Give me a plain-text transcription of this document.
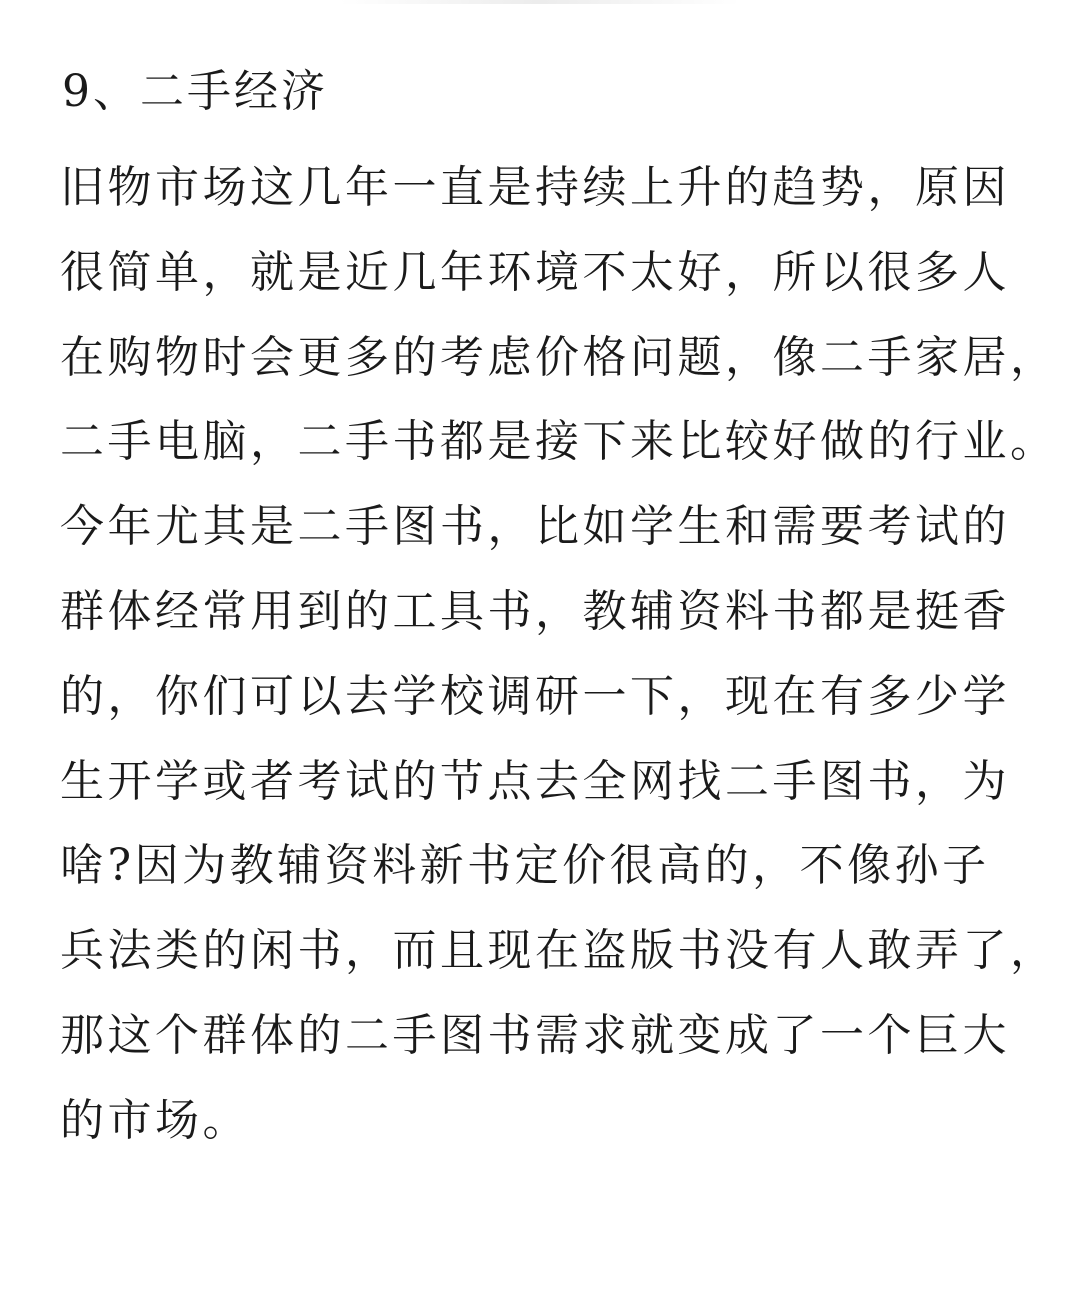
9、二手经济
旧物市场这几年一直是持续上升的趋势，原因
很简单，就是近几年环境不太好，所以很多人
在购物时会更多的考虑价格问题，像二手家居，
二手电脑，二手书都是接下来比较好做的行业。
今年尤其是二手图书，比如学生和需要考试的
群体经常用到的工具书，教辅资料书都是挺香
的，你们可以去学校调研一下，现在有多少学
生开学或者考试的节点去全网找二手图书，为
啥?因为教辅资料新书定价很高的，不像孙子
兵法类的闲书，而且现在盗版书没有人敢弄了，
那这个群体的二手图书需求就变成了一个巨大
的市场。
